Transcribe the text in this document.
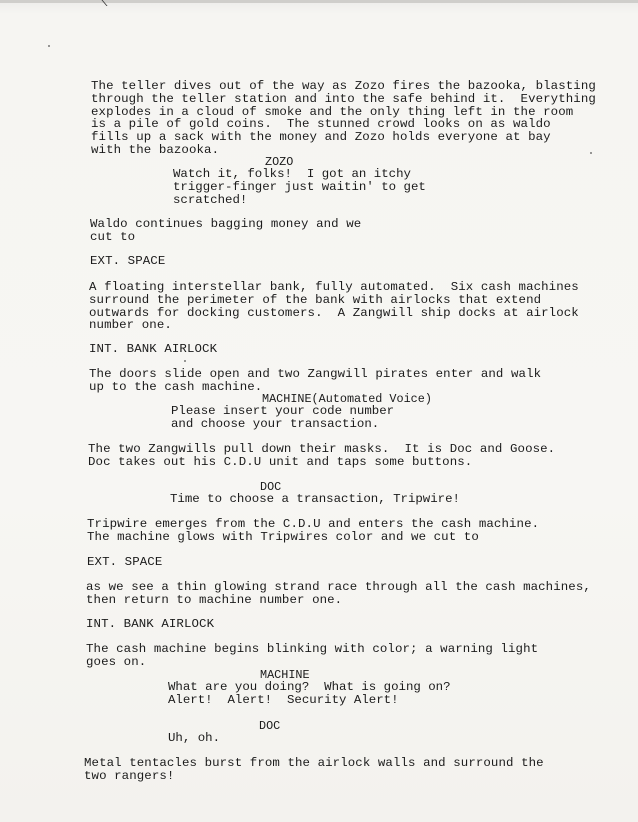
The teller dives out of the way as Zozo fires the bazooka, blasting
through the teller station and into the safe behind it.  Everything
explodes in a cloud of smoke and the only thing left in the room
is a pile of gold coins.  The stunned crowd looks on as waldo
fills up a sack with the money and Zozo holds everyone at bay
with the bazooka.
ZOZO
Watch it, folks!  I got an itchy
trigger-finger just waitin' to get
scratched!
Waldo continues bagging money and we
cut to
EXT. SPACE
A floating interstellar bank, fully automated.  Six cash machines
surround the perimeter of the bank with airlocks that extend
outwards for docking customers.  A Zangwill ship docks at airlock
number one.
INT. BANK AIRLOCK
The doors slide open and two Zangwill pirates enter and walk
up to the cash machine.
MACHINE(Automated Voice)
Please insert your code number
and choose your transaction.
The two Zangwills pull down their masks.  It is Doc and Goose.
Doc takes out his C.D.U unit and taps some buttons.
DOC
Time to choose a transaction, Tripwire!
Tripwire emerges from the C.D.U and enters the cash machine.
The machine glows with Tripwires color and we cut to
EXT. SPACE
as we see a thin glowing strand race through all the cash machines,
then return to machine number one.
INT. BANK AIRLOCK
The cash machine begins blinking with color; a warning light
goes on.
MACHINE
What are you doing?  What is going on?
Alert!  Alert!  Security Alert!
DOC
Uh, oh.
Metal tentacles burst from the airlock walls and surround the
two rangers!
